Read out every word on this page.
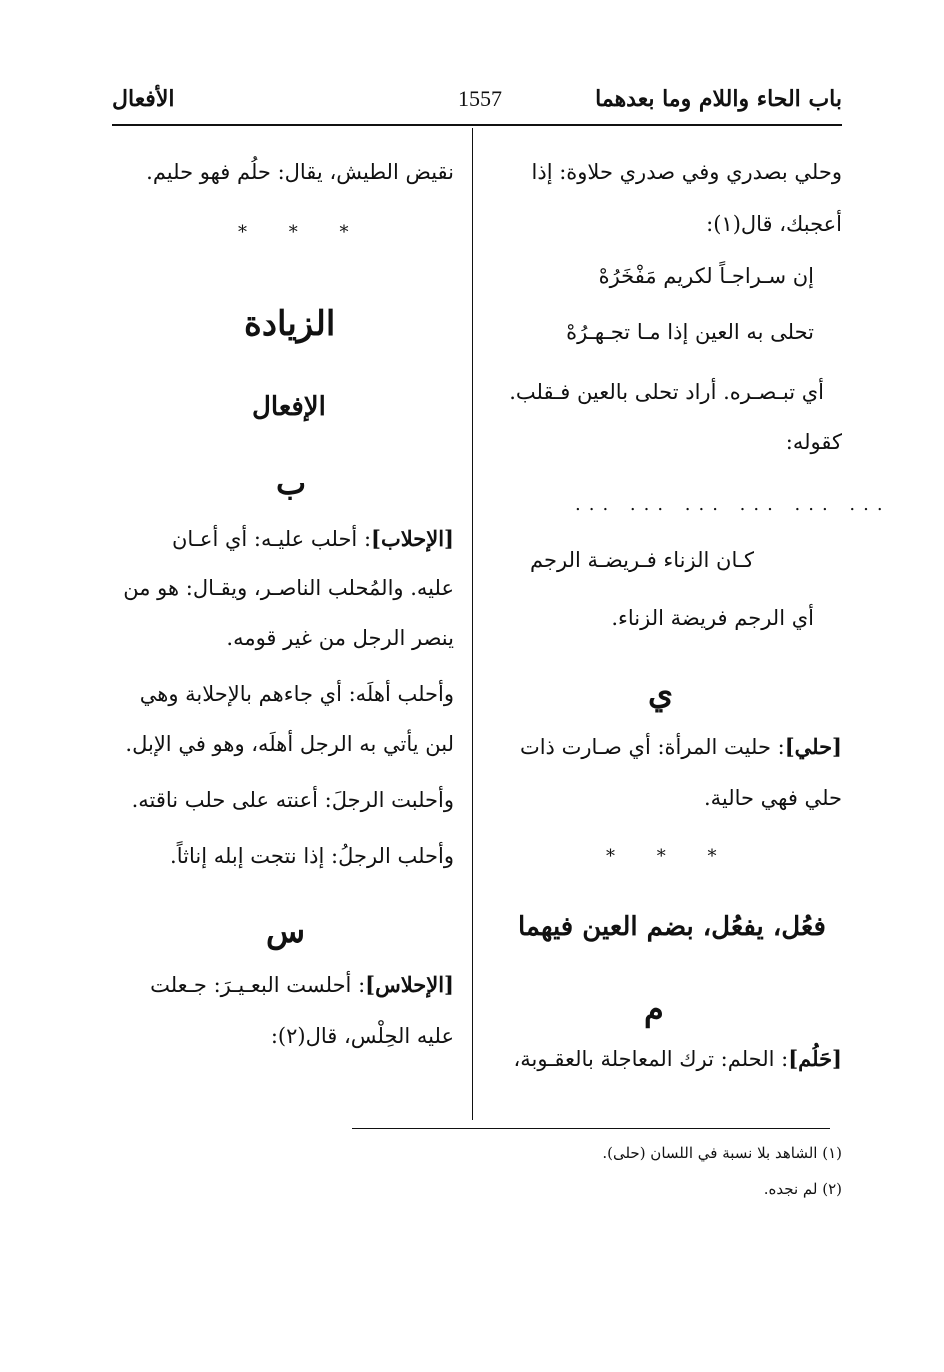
باب الحاء واللام وما بعدهما
1557
الأفعال
وحلي بصدري وفي صدري حلاوة: إذا
أعجبك، قال(١):
إن سـراجـاً لكريم مَفْخَرُهْ
تحلى به العين إذا مـا تجـهـرُهْ
أي تبـصـره. أراد تحلى بالعين فـقلب.
كقوله:
... ... ... ... ... ...
كـان الزناء فـريضـة الرجم
أي الرجم فريضة الزناء.
ي
[حلي]: حليت المرأة: أي صـارت ذات
حلي فهي حالية.
* * *
فعُل، يفعُل، بضم العين فيهما
م
[حَلُم]: الحلم: ترك المعاجلة بالعقـوبة،
نقيض الطيش، يقال: حلُم فهو حليم.
* * *
الزيادة
الإفعال
ب
[الإحلاب]: أحلب عليـه: أي أعـان
عليه. والمُحلب الناصـر، ويقـال: هو من
ينصر الرجل من غير قومه.
وأحلب أهلَه: أي جاءهم بالإحلابة وهي
لبن يأتي به الرجل أهلَه، وهو في الإبل.
وأحلبت الرجلَ: أعنته على حلب ناقته.
وأحلب الرجلُ: إذا نتجت إبله إناثاً.
س
[الإحلاس]: أحلست البعـيـرَ: جـعلت
عليه الحِلْس، قال(٢):
(١) الشاهد بلا نسبة في اللسان (حلى).
(٢) لم نجده.
